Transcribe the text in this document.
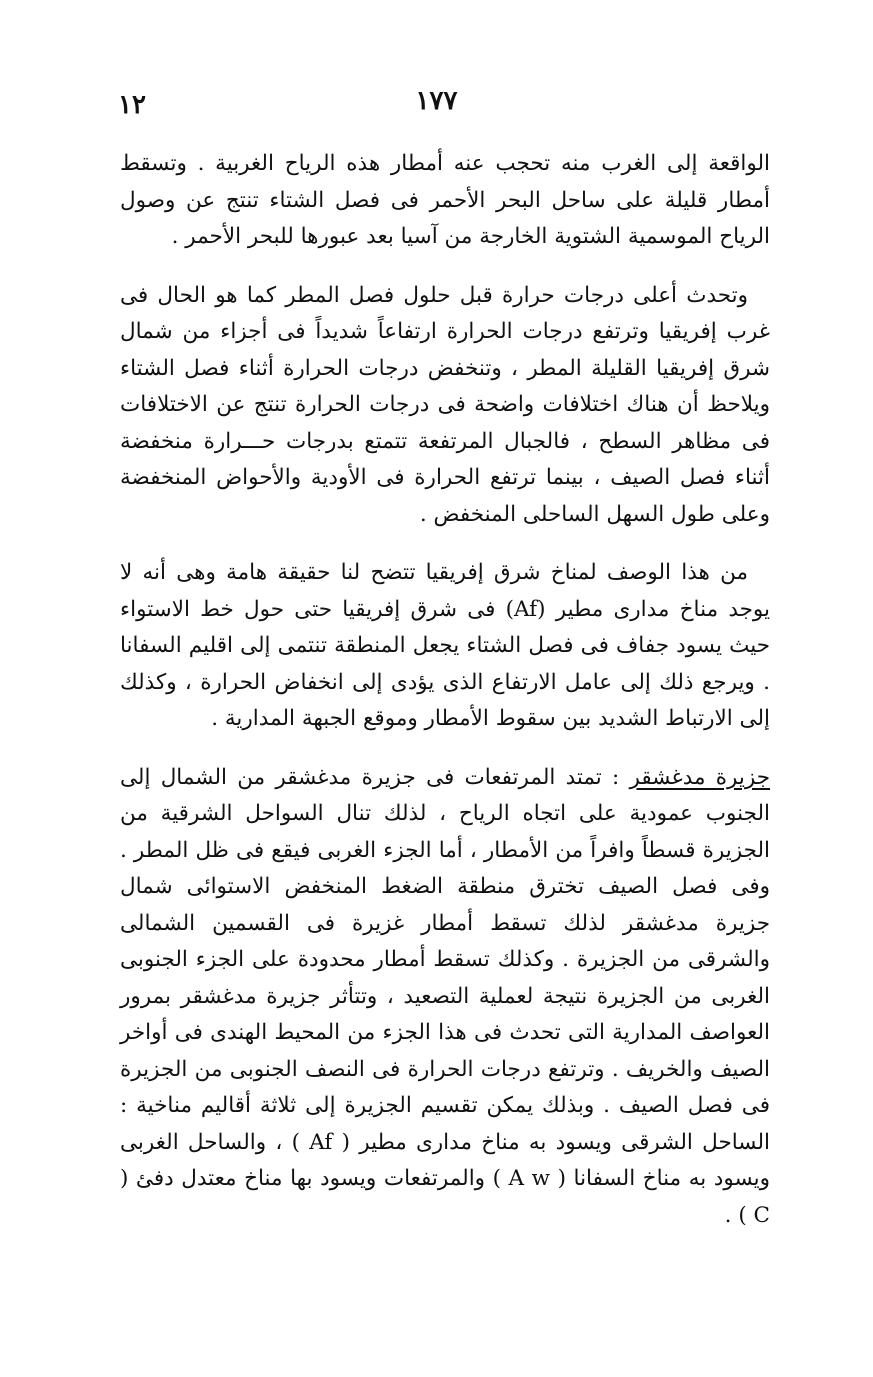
١٧٧
١٢

الواقعة إلى الغرب منه تحجب عنه أمطار هذه الرياح الغربية . وتسقط أمطار قليلة على ساحل البحر الأحمر فى فصل الشتاء تنتج عن وصول الرياح الموسمية الشتوية الخارجة من آسيا بعد عبورها للبحر الأحمر .

وتحدث أعلى درجات حرارة قبل حلول فصل المطر كما هو الحال فى غرب إفريقيا وترتفع درجات الحرارة ارتفاعاً شديداً فى أجزاء من شمال شرق إفريقيا القليلة المطر ، وتنخفض درجات الحرارة أثناء فصل الشتاء ويلاحظ أن هناك اختلافات واضحة فى درجات الحرارة تنتج عن الاختلافات فى مظاهر السطح ، فالجبال المرتفعة تتمتع بدرجات حـــرارة منخفضة أثناء فصل الصيف ، بينما ترتفع الحرارة فى الأودية والأحواض المنخفضة وعلى طول السهل الساحلى المنخفض .

من هذا الوصف لمناخ شرق إفريقيا تتضح لنا حقيقة هامة وهى أنه لا يوجد مناخ مدارى مطير (Af) فى شرق إفريقيا حتى حول خط الاستواء حيث يسود جفاف فى فصل الشتاء يجعل المنطقة تنتمى إلى اقليم السفانا . ويرجع ذلك إلى عامل الارتفاع الذى يؤدى إلى انخفاض الحرارة ، وكذلك إلى الارتباط الشديد بين سقوط الأمطار وموقع الجبهة المدارية .

جزيرة مدغشقر : تمتد المرتفعات فى جزيرة مدغشقر من الشمال إلى الجنوب عمودية على اتجاه الرياح ، لذلك تنال السواحل الشرقية من الجزيرة قسطاً وافراً من الأمطار ، أما الجزء الغربى فيقع فى ظل المطر . وفى فصل الصيف تخترق منطقة الضغط المنخفض الاستوائى شمال جزيرة مدغشقر لذلك تسقط أمطار غزيرة فى القسمين الشمالى والشرقى من الجزيرة . وكذلك تسقط أمطار محدودة على الجزء الجنوبى الغربى من الجزيرة نتيجة لعملية التصعيد ، وتتأثر جزيرة مدغشقر بمرور العواصف المدارية التى تحدث فى هذا الجزء من المحيط الهندى فى أواخر الصيف والخريف . وترتفع درجات الحرارة فى النصف الجنوبى من الجزيرة فى فصل الصيف . وبذلك يمكن تقسيم الجزيرة إلى ثلاثة أقاليم مناخية : الساحل الشرقى ويسود به مناخ مدارى مطير ( Af ) ، والساحل الغربى ويسود به مناخ السفانا ( A w ) والمرتفعات ويسود بها مناخ معتدل دفئ ( C ) .
